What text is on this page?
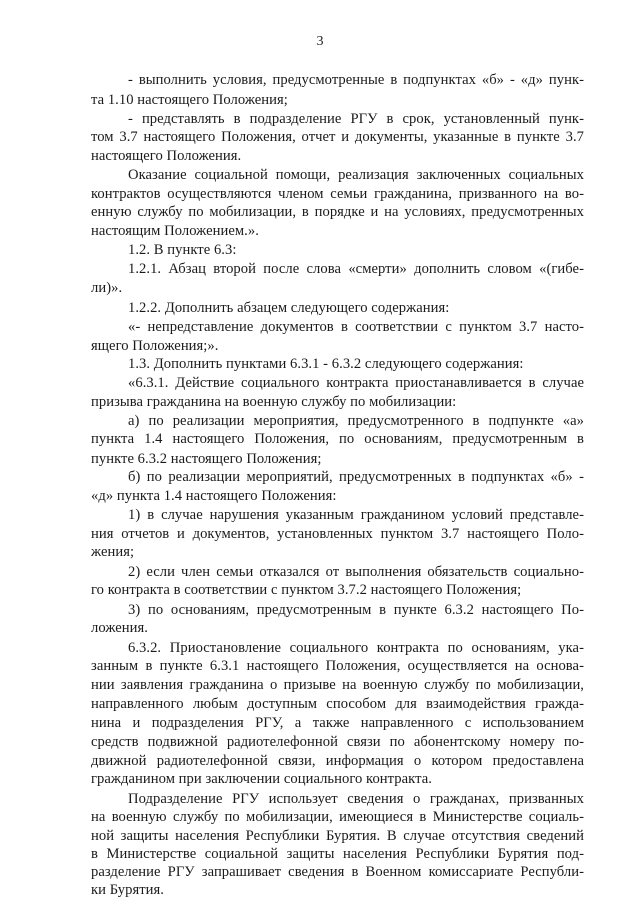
3
- выполнить условия, предусмотренные в подпунктах «б» - «д» пунк-
та 1.10 настоящего Положения;
- представлять в подразделение РГУ в срок, установленный пунк-
том 3.7 настоящего Положения, отчет и документы, указанные в пункте 3.7
настоящего Положения.
Оказание социальной помощи, реализация заключенных социальных
контрактов осуществляются членом семьи гражданина, призванного на во-
енную службу по мобилизации, в порядке и на условиях, предусмотренных
настоящим Положением.».
1.2. В пункте 6.3:
1.2.1. Абзац второй после слова «смерти» дополнить словом «(гибе-
ли)».
1.2.2. Дополнить абзацем следующего содержания:
«- непредставление документов в соответствии с пунктом 3.7 насто-
ящего Положения;».
1.3. Дополнить пунктами 6.3.1 - 6.3.2 следующего содержания:
«6.3.1. Действие социального контракта приостанавливается в случае
призыва гражданина на военную службу по мобилизации:
а) по реализации мероприятия, предусмотренного в подпункте «а»
пункта 1.4 настоящего Положения, по основаниям, предусмотренным в
пункте 6.3.2 настоящего Положения;
б) по реализации мероприятий, предусмотренных в подпунктах «б» -
«д» пункта 1.4 настоящего Положения:
1) в случае нарушения указанным гражданином условий представле-
ния отчетов и документов, установленных пунктом 3.7 настоящего Поло-
жения;
2) если член семьи отказался от выполнения обязательств социально-
го контракта в соответствии с пунктом 3.7.2 настоящего Положения;
3) по основаниям, предусмотренным в пункте 6.3.2 настоящего По-
ложения.
6.3.2. Приостановление социального контракта по основаниям, ука-
занным в пункте 6.3.1 настоящего Положения, осуществляется на основа-
нии заявления гражданина о призыве на военную службу по мобилизации,
направленного любым доступным способом для взаимодействия гражда-
нина и подразделения РГУ, а также направленного с использованием
средств подвижной радиотелефонной связи по абонентскому номеру по-
движной радиотелефонной связи, информация о котором предоставлена
гражданином при заключении социального контракта.
Подразделение РГУ использует сведения о гражданах, призванных
на военную службу по мобилизации, имеющиеся в Министерстве социаль-
ной защиты населения Республики Бурятия. В случае отсутствия сведений
в Министерстве социальной защиты населения Республики Бурятия под-
разделение РГУ запрашивает сведения в Военном комиссариате Республи-
ки Бурятия.
